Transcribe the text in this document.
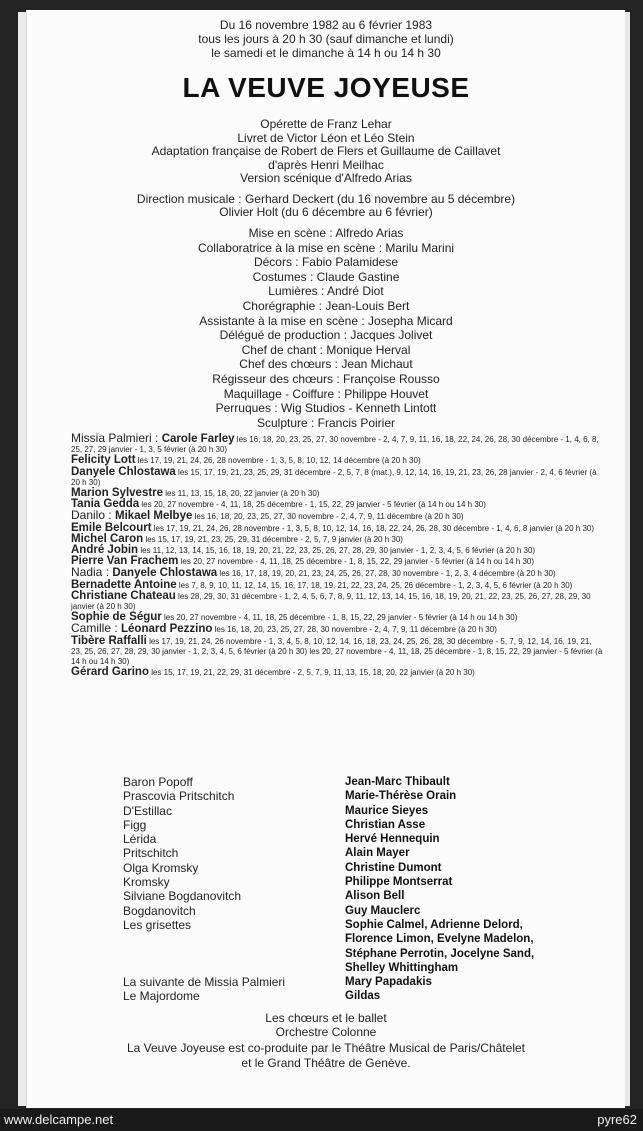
Du 16 novembre 1982 au 6 février 1983
tous les jours à 20 h 30 (sauf dimanche et lundi)
le samedi et le dimanche à 14 h ou 14 h 30
LA VEUVE JOYEUSE
Opérette de Franz Lehar
Livret de Victor Léon et Léo Stein
Adaptation française de Robert de Flers et Guillaume de Caillavet
d'après Henri Meilhac
Version scénique d'Alfredo Arias
Direction musicale : Gerhard Deckert (du 16 novembre au 5 décembre)
Olivier Holt (du 6 décembre au 6 février)
Mise en scène : Alfredo Arias
Collaboratrice à la mise en scène : Marilu Marini
Décors : Fabio Palamidese
Costumes : Claude Gastine
Lumières : André Diot
Chorégraphie : Jean-Louis Bert
Assistante à la mise en scène : Josepha Micard
Délégué de production : Jacques Jolivet
Chef de chant : Monique Herval
Chef des chœurs : Jean Michaut
Régisseur des chœurs : Françoise Rousso
Maquillage - Coiffure : Philippe Houvet
Perruques : Wig Studios - Kenneth Lintott
Sculpture : Francis Poirier

Missia Palmieri : Carole Farley les 16, 18, 20, 23, 25, 27, 30 novembre - 2, 4, 7, 9, 11, 16, 18, 22, 24, 26, 28, 30 décembre - 1, 4, 6, 8, 25, 27, 29 janvier - 1, 3, 5 février (à 20 h 30)

Felicity Lott les 17, 19, 21, 24, 26, 28 novembre - 1, 3, 5, 8, 10, 12, 14 décembre (à 20 h 30)

Danyele Chlostawa les 15, 17, 19, 21, 23, 25, 29, 31 décembre - 2, 5, 7, 8 (mat.), 9, 12, 14, 16, 19, 21, 23, 26, 28 janvier - 2, 4, 6 février (à 20 h 30)

Marion Sylvestre les 11, 13, 15, 18, 20, 22 janvier (à 20 h 30)

Tania Gedda les 20, 27 novembre - 4, 11, 18, 25 décembre - 1, 15, 22, 29 janvier - 5 février (à 14 h ou 14 h 30)

Danilo : Mikael Melbye les 16, 18, 20, 23, 25, 27, 30 novembre - 2, 4, 7, 9, 11 décembre (à 20 h 30)

Emile Belcourt les 17, 19, 21, 24, 26, 28 novembre - 1, 3, 5, 8, 10, 12, 14, 16, 18, 22, 24, 26, 28, 30 décembre - 1, 4, 6, 8 janvier (à 20 h 30)

Michel Caron les 15, 17, 19, 21, 23, 25, 29, 31 décembre - 2, 5, 7, 9 janvier (à 20 h 30)

André Jobin les 11, 12, 13, 14, 15, 16, 18, 19, 20, 21, 22, 23, 25, 26, 27, 28, 29, 30 janvier - 1, 2, 3, 4, 5, 6 février (à 20 h 30)

Pierre Van Frachem les 20, 27 novembre - 4, 11, 18, 25 décembre - 1, 8, 15, 22, 29 janvier - 5 février (à 14 h ou 14 h 30)

Nadia : Danyele Chlostawa les 16, 17, 18, 19, 20, 21, 23, 24, 25, 26, 27, 28, 30 novembre - 1, 2, 3, 4 décembre (à 20 h 30)

Bernadette Antoine les 7, 8, 9, 10, 11, 12, 14, 15, 16, 17, 18, 19, 21, 22, 23, 24, 25, 26 décembre - 1, 2, 3, 4, 5, 6 février (à 20 h 30)

Christiane Chateau les 28, 29, 30, 31 décembre - 1, 2, 4, 5, 6, 7, 8, 9, 11, 12, 13, 14, 15, 16, 18, 19, 20, 21, 22, 23, 25, 26, 27, 28, 29, 30 janvier (à 20 h 30)

Sophie de Ségur les 20, 27 novembre - 4, 11, 18, 25 décembre - 1, 8, 15, 22, 29 janvier - 5 février (à 14 h ou 14 h 30)

Camille : Léonard Pezzino les 16, 18, 20, 23, 25, 27, 28, 30 novembre - 2, 4, 7, 9, 11 décembre (à 20 h 30)

Tibère Raffalli les 17, 19, 21, 24, 26 novembre - 1, 3, 4, 5, 8, 10, 12, 14, 16, 18, 23, 24, 25, 26, 28, 30 décembre - 5, 7, 9, 12, 14, 16, 19, 21, 23, 25, 26, 27, 28, 29, 30 janvier - 1, 2, 3, 4, 5, 6 février (à 20 h 30) les 20, 27 novembre - 4, 11, 18, 25 décembre - 1, 8, 15, 22, 29 janvier - 5 février (à 14 h ou 14 h 30)

Gérard Garino les 15, 17, 19, 21, 22, 29, 31 décembre - 2, 5, 7, 9, 11, 13, 15, 18, 20, 22 janvier (à 20 h 30)

Baron Popoff
Prascovia Pritschitch
D'Estillac
Figg
Lérida
Pritschitch
Olga Kromsky
Kromsky
Silviane Bogdanovitch
Bogdanovitch
Les grisettes
La suivante de Missia Palmieri
Le Majordome
Jean-Marc Thibault
Marie-Thérèse Orain
Maurice Sieyes
Christian Asse
Hervé Hennequin
Alain Mayer
Christine Dumont
Philippe Montserrat
Alison Bell
Guy Mauclerc
Sophie Calmel, Adrienne Delord,
Florence Limon, Evelyne Madelon,
Stéphane Perrotin, Jocelyne Sand,
Shelley Whittingham
Mary Papadakis
Gildas
Les chœurs et le ballet
Orchestre Colonne
La Veuve Joyeuse est co-produite par le Théâtre Musical de Paris/Châtelet
et le Grand Théâtre de Genève.
www.delcampe.net	pyre62
